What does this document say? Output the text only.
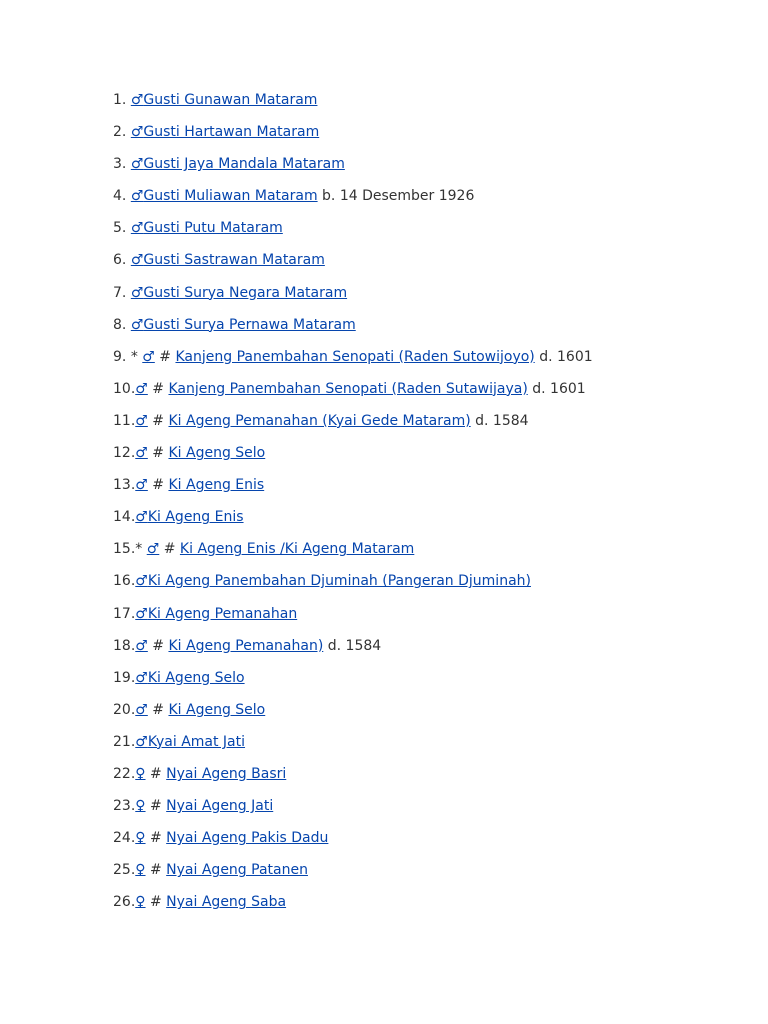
1. ♂Gusti Gunawan Mataram
2. ♂Gusti Hartawan Mataram
3. ♂Gusti Jaya Mandala Mataram
4. ♂Gusti Muliawan Mataram b. 14 Desember 1926
5. ♂Gusti Putu Mataram
6. ♂Gusti Sastrawan Mataram
7. ♂Gusti Surya Negara Mataram
8. ♂Gusti Surya Pernawa Mataram
9. * ♂ # Kanjeng Panembahan Senopati (Raden Sutowijoyo) d. 1601
10.♂ # Kanjeng Panembahan Senopati (Raden Sutawijaya) d. 1601
11.♂ # Ki Ageng Pemanahan (Kyai Gede Mataram) d. 1584
12.♂ # Ki Ageng Selo
13.♂ # Ki Ageng Enis
14.♂Ki Ageng Enis
15.* ♂ # Ki Ageng Enis /Ki Ageng Mataram
16.♂Ki Ageng Panembahan Djuminah (Pangeran Djuminah)
17.♂Ki Ageng Pemanahan
18.♂ # Ki Ageng Pemanahan) d. 1584
19.♂Ki Ageng Selo
20.♂ # Ki Ageng Selo
21.♂Kyai Amat Jati
22.♀ # Nyai Ageng Basri
23.♀ # Nyai Ageng Jati
24.♀ # Nyai Ageng Pakis Dadu
25.♀ # Nyai Ageng Patanen
26.♀ # Nyai Ageng Saba
